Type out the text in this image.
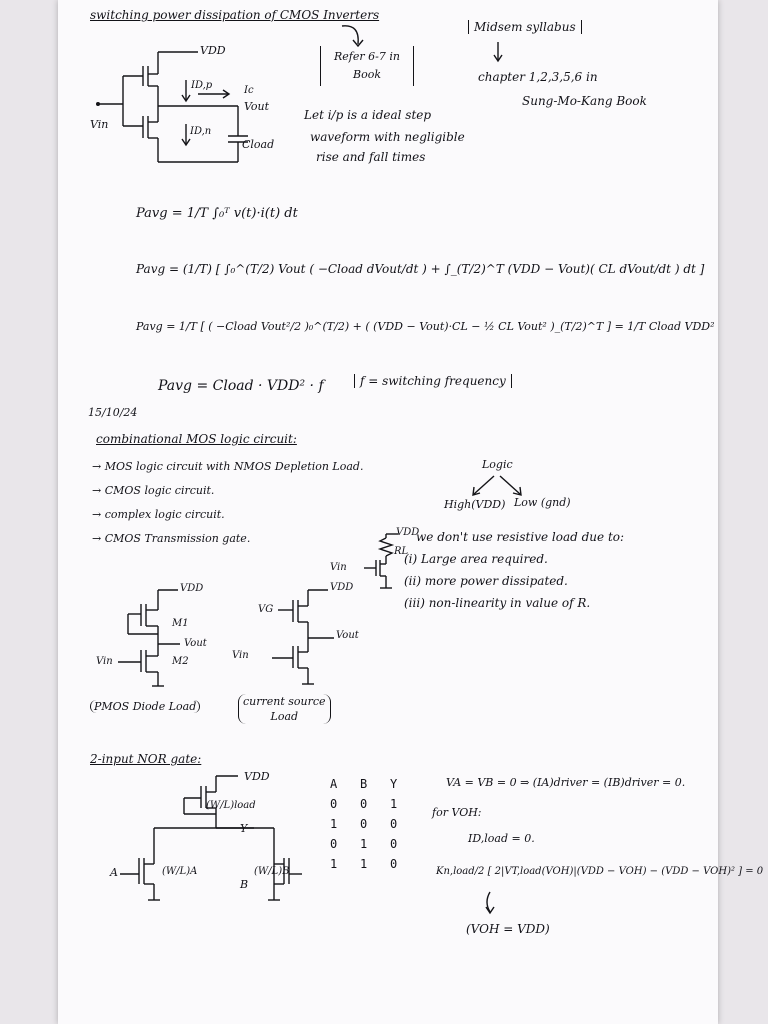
switching power dissipation of CMOS Inverters
Refer 6-7 in Book
Midsem syllabus
chapter 1,2,3,5,6 in
Sung-Mo-Kang Book
VDD
ID,p	Ic
Vout
Vin
ID,n
Cload
Let i/p is a ideal step
waveform with negligible
rise and fall times
Pavg = 1/T ∫₀ᵀ v(t)·i(t) dt
Pavg = (1/T) [ ∫₀^(T/2) Vout ( −Cload dVout/dt ) + ∫_(T/2)^T (VDD − Vout)( CL dVout/dt ) dt ]
Pavg = 1/T [ ( −Cload Vout²/2 )₀^(T/2) + ( (VDD − Vout)·CL − ½ CL Vout² )_(T/2)^T ] = 1/T Cload VDD²
Pavg = Cload · VDD² · f	f = switching frequency
15/10/24
combinational MOS logic circuit:
→ MOS logic circuit with NMOS Depletion Load.
→ CMOS logic circuit.
→ complex logic circuit.
→ CMOS Transmission gate.
Logic
High(VDD) Low (gnd)
VDD
RL
Vin
we don't use resistive load due to:
(i) Large area required.
(ii) more power dissipated.
(iii) non-linearity in value of R.
VDD
M1
Vout
M2
Vin
PMOS Diode Load
VDD
VG
Vout
Vin
current source
Load
2-input NOR gate:
VDD
(W/L)load
Y
A	(W/L)A
B
(W/L)B
A	B	Y
0	0	1
1	0	0
0	1	0
1	1	0
VA = VB = 0 ⇒ (IA)driver = (IB)driver = 0.
for VOH:
ID,load = 0.
Kn,load/2 [ 2|VT,load(VOH)|(VDD − VOH) − (VDD − VOH)² ] = 0
(VOH = VDD)
